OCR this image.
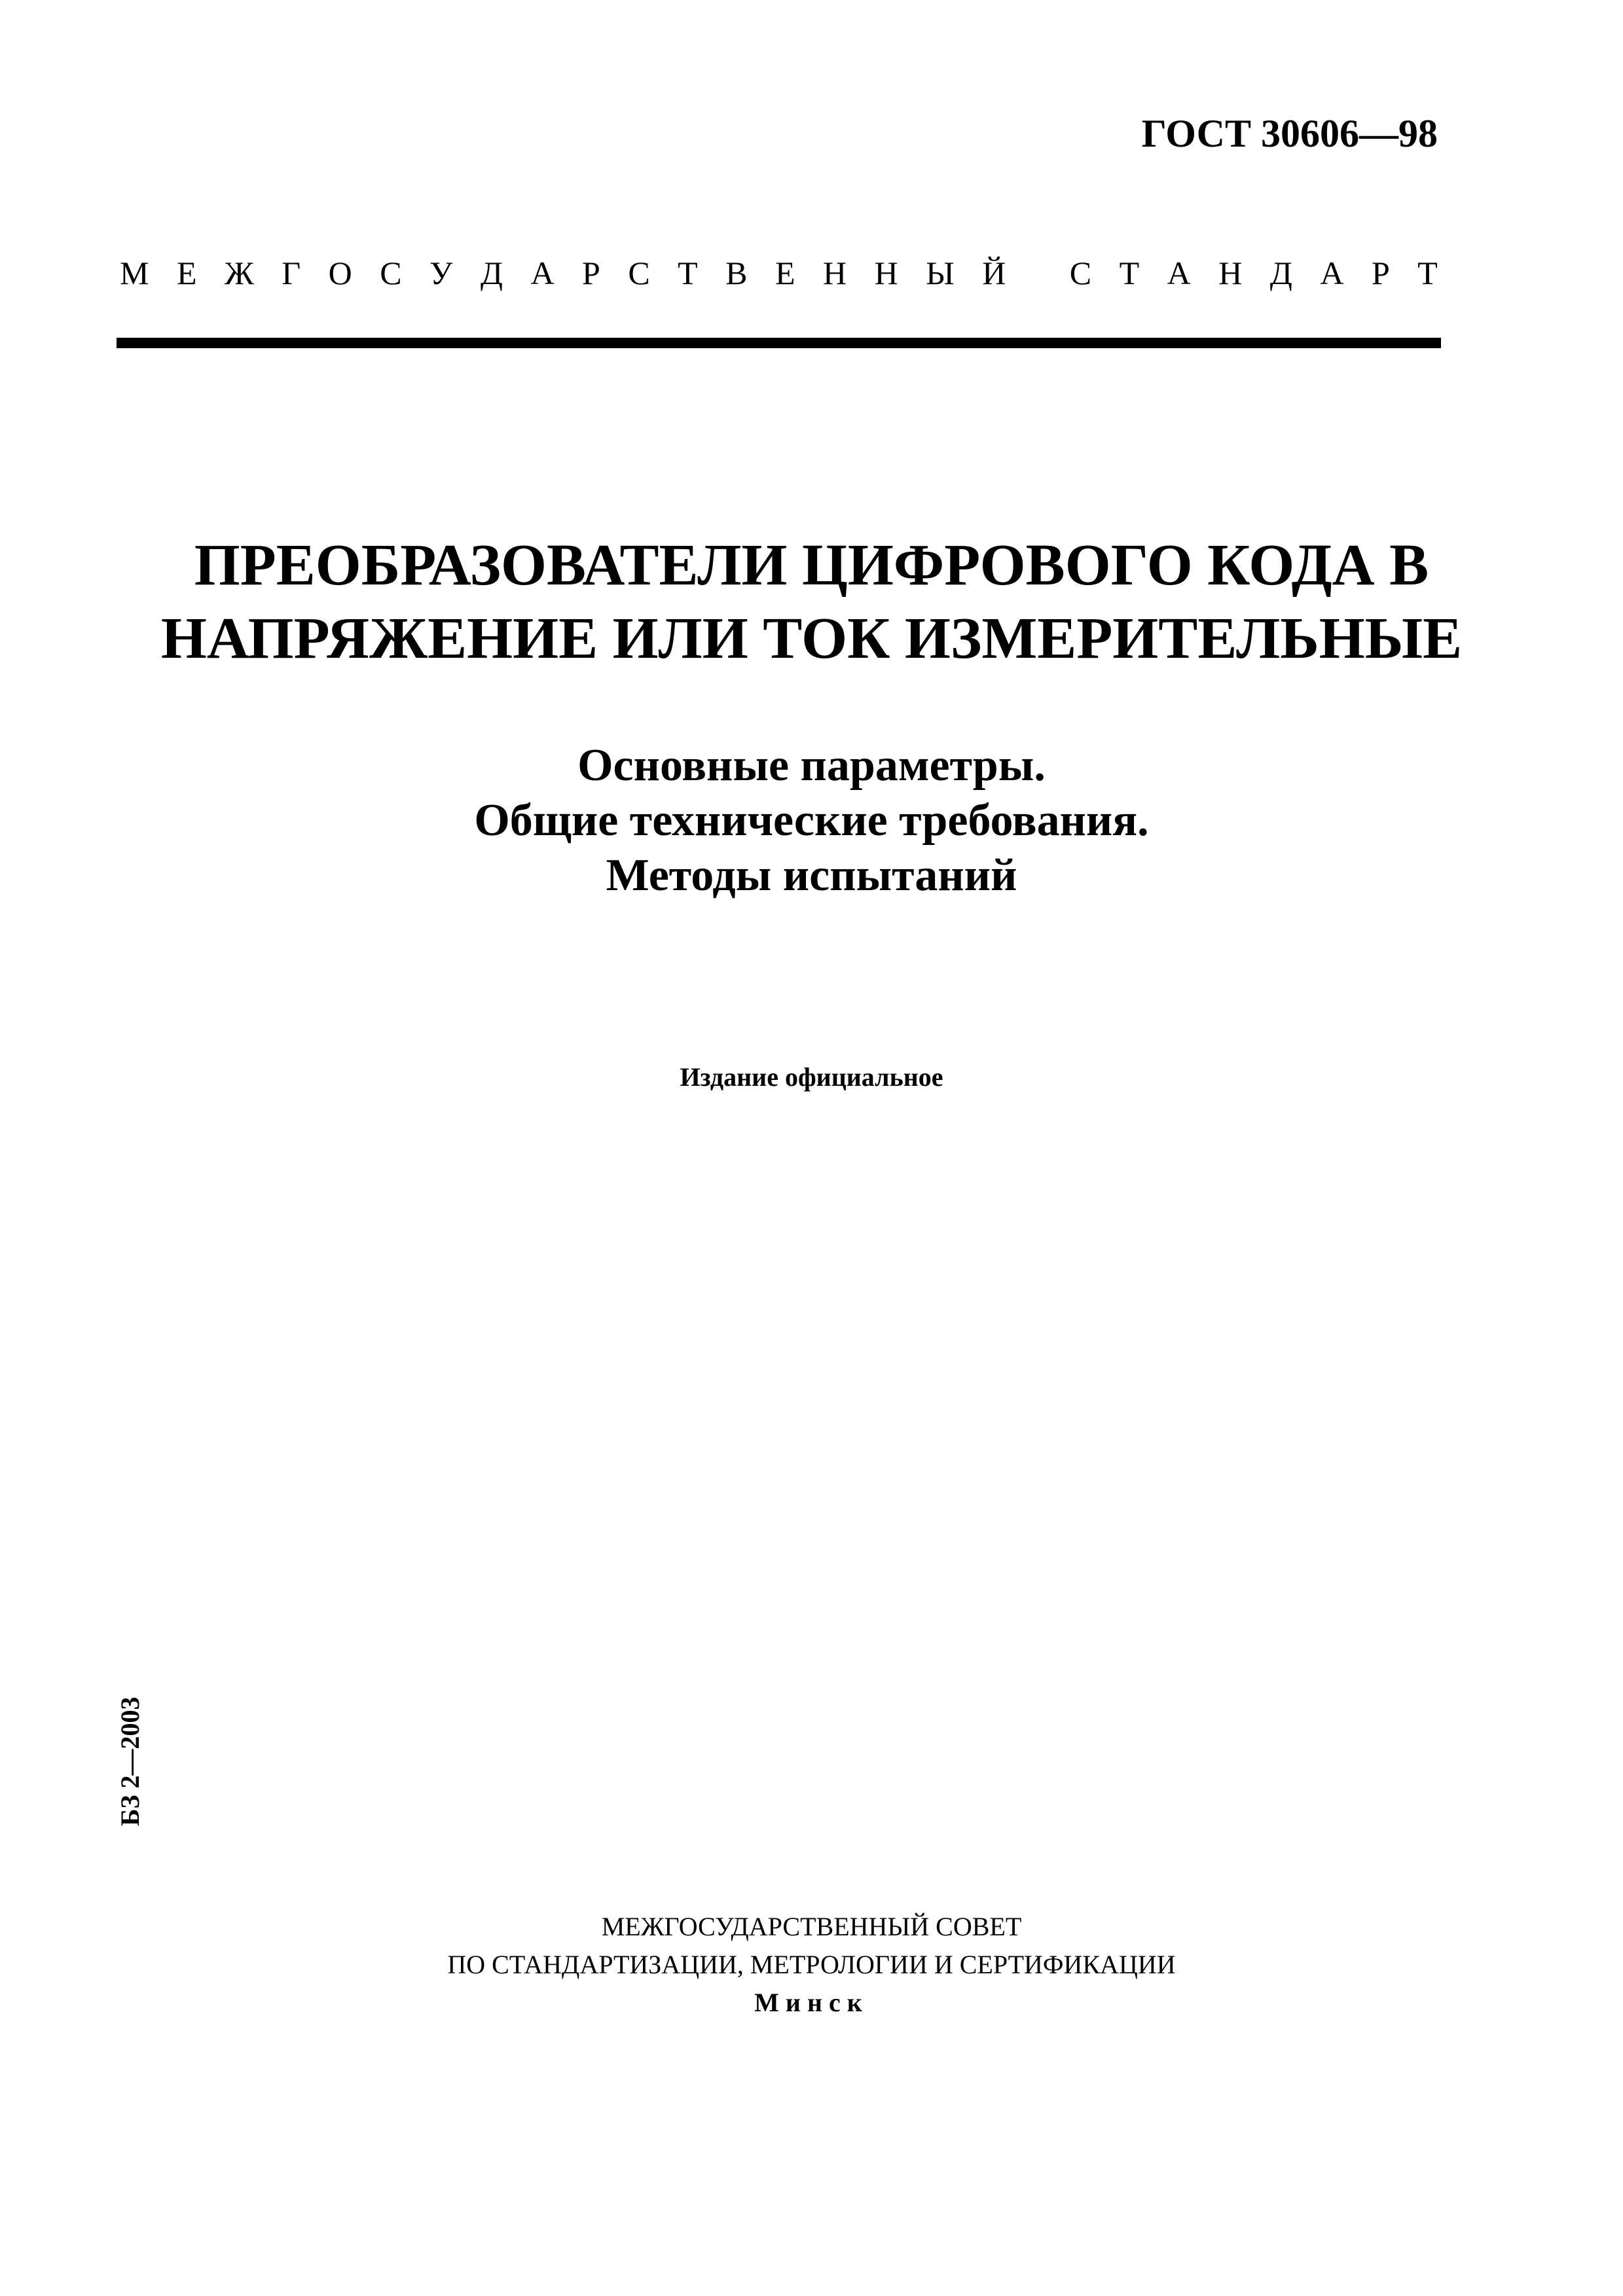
ГОСТ 30606—98
М Е Ж Г О С У Д А Р С Т В Е Н Н Ы Й
С Т А Н Д А Р Т
ПРЕОБРАЗОВАТЕЛИ ЦИФРОВОГО КОДА В
НАПРЯЖЕНИЕ ИЛИ ТОК ИЗМЕРИТЕЛЬНЫЕ
Основные параметры.
Общие технические требования.
Методы испытаний
Издание официальное
БЗ 2—2003
МЕЖГОСУДАРСТВЕННЫЙ СОВЕТ
ПО СТАНДАРТИЗАЦИИ, МЕТРОЛОГИИ И СЕРТИФИКАЦИИ
Минск
